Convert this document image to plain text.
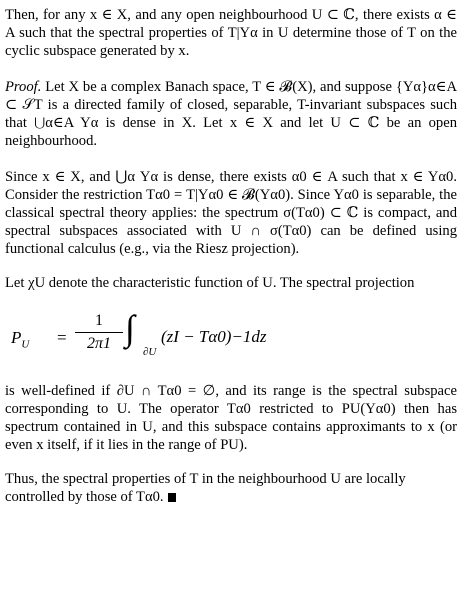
Then, for any x ∈ X, and any open neighbourhood U ⊂ ℂ, there exists α ∈ A such that the spectral properties of T|Yα in U determine those of T on the cyclic subspace generated by x.

Proof. Let X be a complex Banach space, T ∈ 𝓑(X), and suppose {Yα}α∈A ⊂ 𝒮T is a directed family of closed, separable, T-invariant subspaces such that ⋃α∈A Yα is dense in X. Let x ∈ X and let U ⊂ ℂ be an open neighbourhood.

Since x ∈ X, and ⋃α Yα is dense, there exists α0 ∈ A such that x ∈ Yα0. Consider the restriction Tα0 = T|Yα0 ∈ 𝓑(Yα0). Since Yα0 is separable, the classical spectral theory applies: the spectrum σ(Tα0) ⊂ ℂ is compact, and spectral subspaces associated with U ∩ σ(Tα0) can be defined using functional calculus (e.g., via the Riesz projection).

Let χU denote the characteristic function of U. The spectral projection

$P_U = \frac{1}{2\pi 1}$ ∫
∂U
(zI − Tα0)−1dz

is well-defined if ∂U ∩ Tα0 = ∅, and its range is the spectral subspace corresponding to U. The operator Tα0 restricted to PU(Yα0) then has spectrum contained in U, and this subspace contains approximants to x (or even x itself, if it lies in the range of PU).

Thus, the spectral properties of T in the neighbourhood U are locally controlled by those of Tα0.
